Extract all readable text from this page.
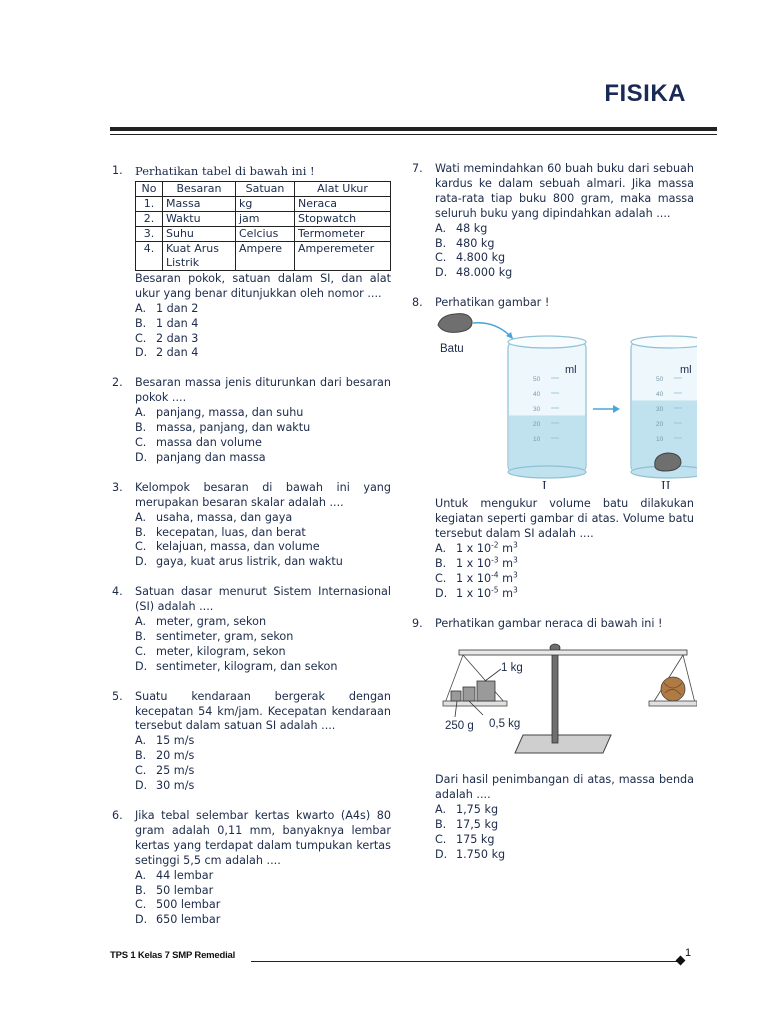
FISIKA
1. Perhatikan tabel di bawah ini !
No	Besaran	Satuan	Alat Ukur
1.	Massa	kg	Neraca
2.	Waktu	jam	Stopwatch
3.	Suhu	Celcius	Termometer
4.	Kuat Arus Listrik	Ampere	Amperemeter
Besaran pokok, satuan dalam SI, dan alat ukur yang benar ditunjukkan oleh nomor ....
A. 1 dan 2
B. 1 dan 4
C. 2 dan 3
D. 2 dan 4
2. Besaran massa jenis diturunkan dari besaran pokok ....
A. panjang, massa, dan suhu
B. massa, panjang, dan waktu
C. massa dan volume
D. panjang dan massa
3. Kelompok besaran di bawah ini yang merupakan besaran skalar adalah ....
A. usaha, massa, dan gaya
B. kecepatan, luas, dan berat
C. kelajuan, massa, dan volume
D. gaya, kuat arus listrik, dan waktu
4. Satuan dasar menurut Sistem Internasional (SI) adalah ....
A. meter, gram, sekon
B. sentimeter, gram, sekon
C. meter, kilogram, sekon
D. sentimeter, kilogram, dan sekon
5. Suatu kendaraan bergerak dengan kecepatan 54 km/jam. Kecepatan kendaraan tersebut dalam satuan SI adalah ....
A. 15 m/s
B. 20 m/s
C. 25 m/s
D. 30 m/s
6. Jika tebal selembar kertas kwarto (A4s) 80 gram adalah 0,11 mm, banyaknya lembar kertas yang terdapat dalam tumpukan kertas setinggi 5,5 cm adalah ....
A. 44 lembar
B. 50 lembar
C. 500 lembar
D. 650 lembar
7. Wati memindahkan 60 buah buku dari sebuah kardus ke dalam sebuah almari. Jika massa rata-rata tiap buku 800 gram, maka massa seluruh buku yang dipindahkan adalah ....
A. 48 kg
B. 480 kg
C. 4.800 kg
D. 48.000 kg
8. Perhatikan gambar !
Batu
50
40
30
20
10
ml
I
50
40
30
20
10
ml
II
Untuk mengukur volume batu dilakukan kegiatan seperti gambar di atas. Volume batu tersebut dalam SI adalah ....
A. 1 x $10^{-2}$ $m^3$
B. 1 x $10^{-3}$ $m^3$
C. 1 x $10^{-4}$ $m^3$
D. 1 x $10^{-5}$ $m^3$
9. Perhatikan gambar neraca di bawah ini !
1 kg
250 g 0,5 kg
Dari hasil penimbangan di atas, massa benda adalah ....
A. 1,75 kg
B. 17,5 kg
C. 175 kg
D. 1.750 kg
TPS 1 Kelas 7 SMP Remedial	1
